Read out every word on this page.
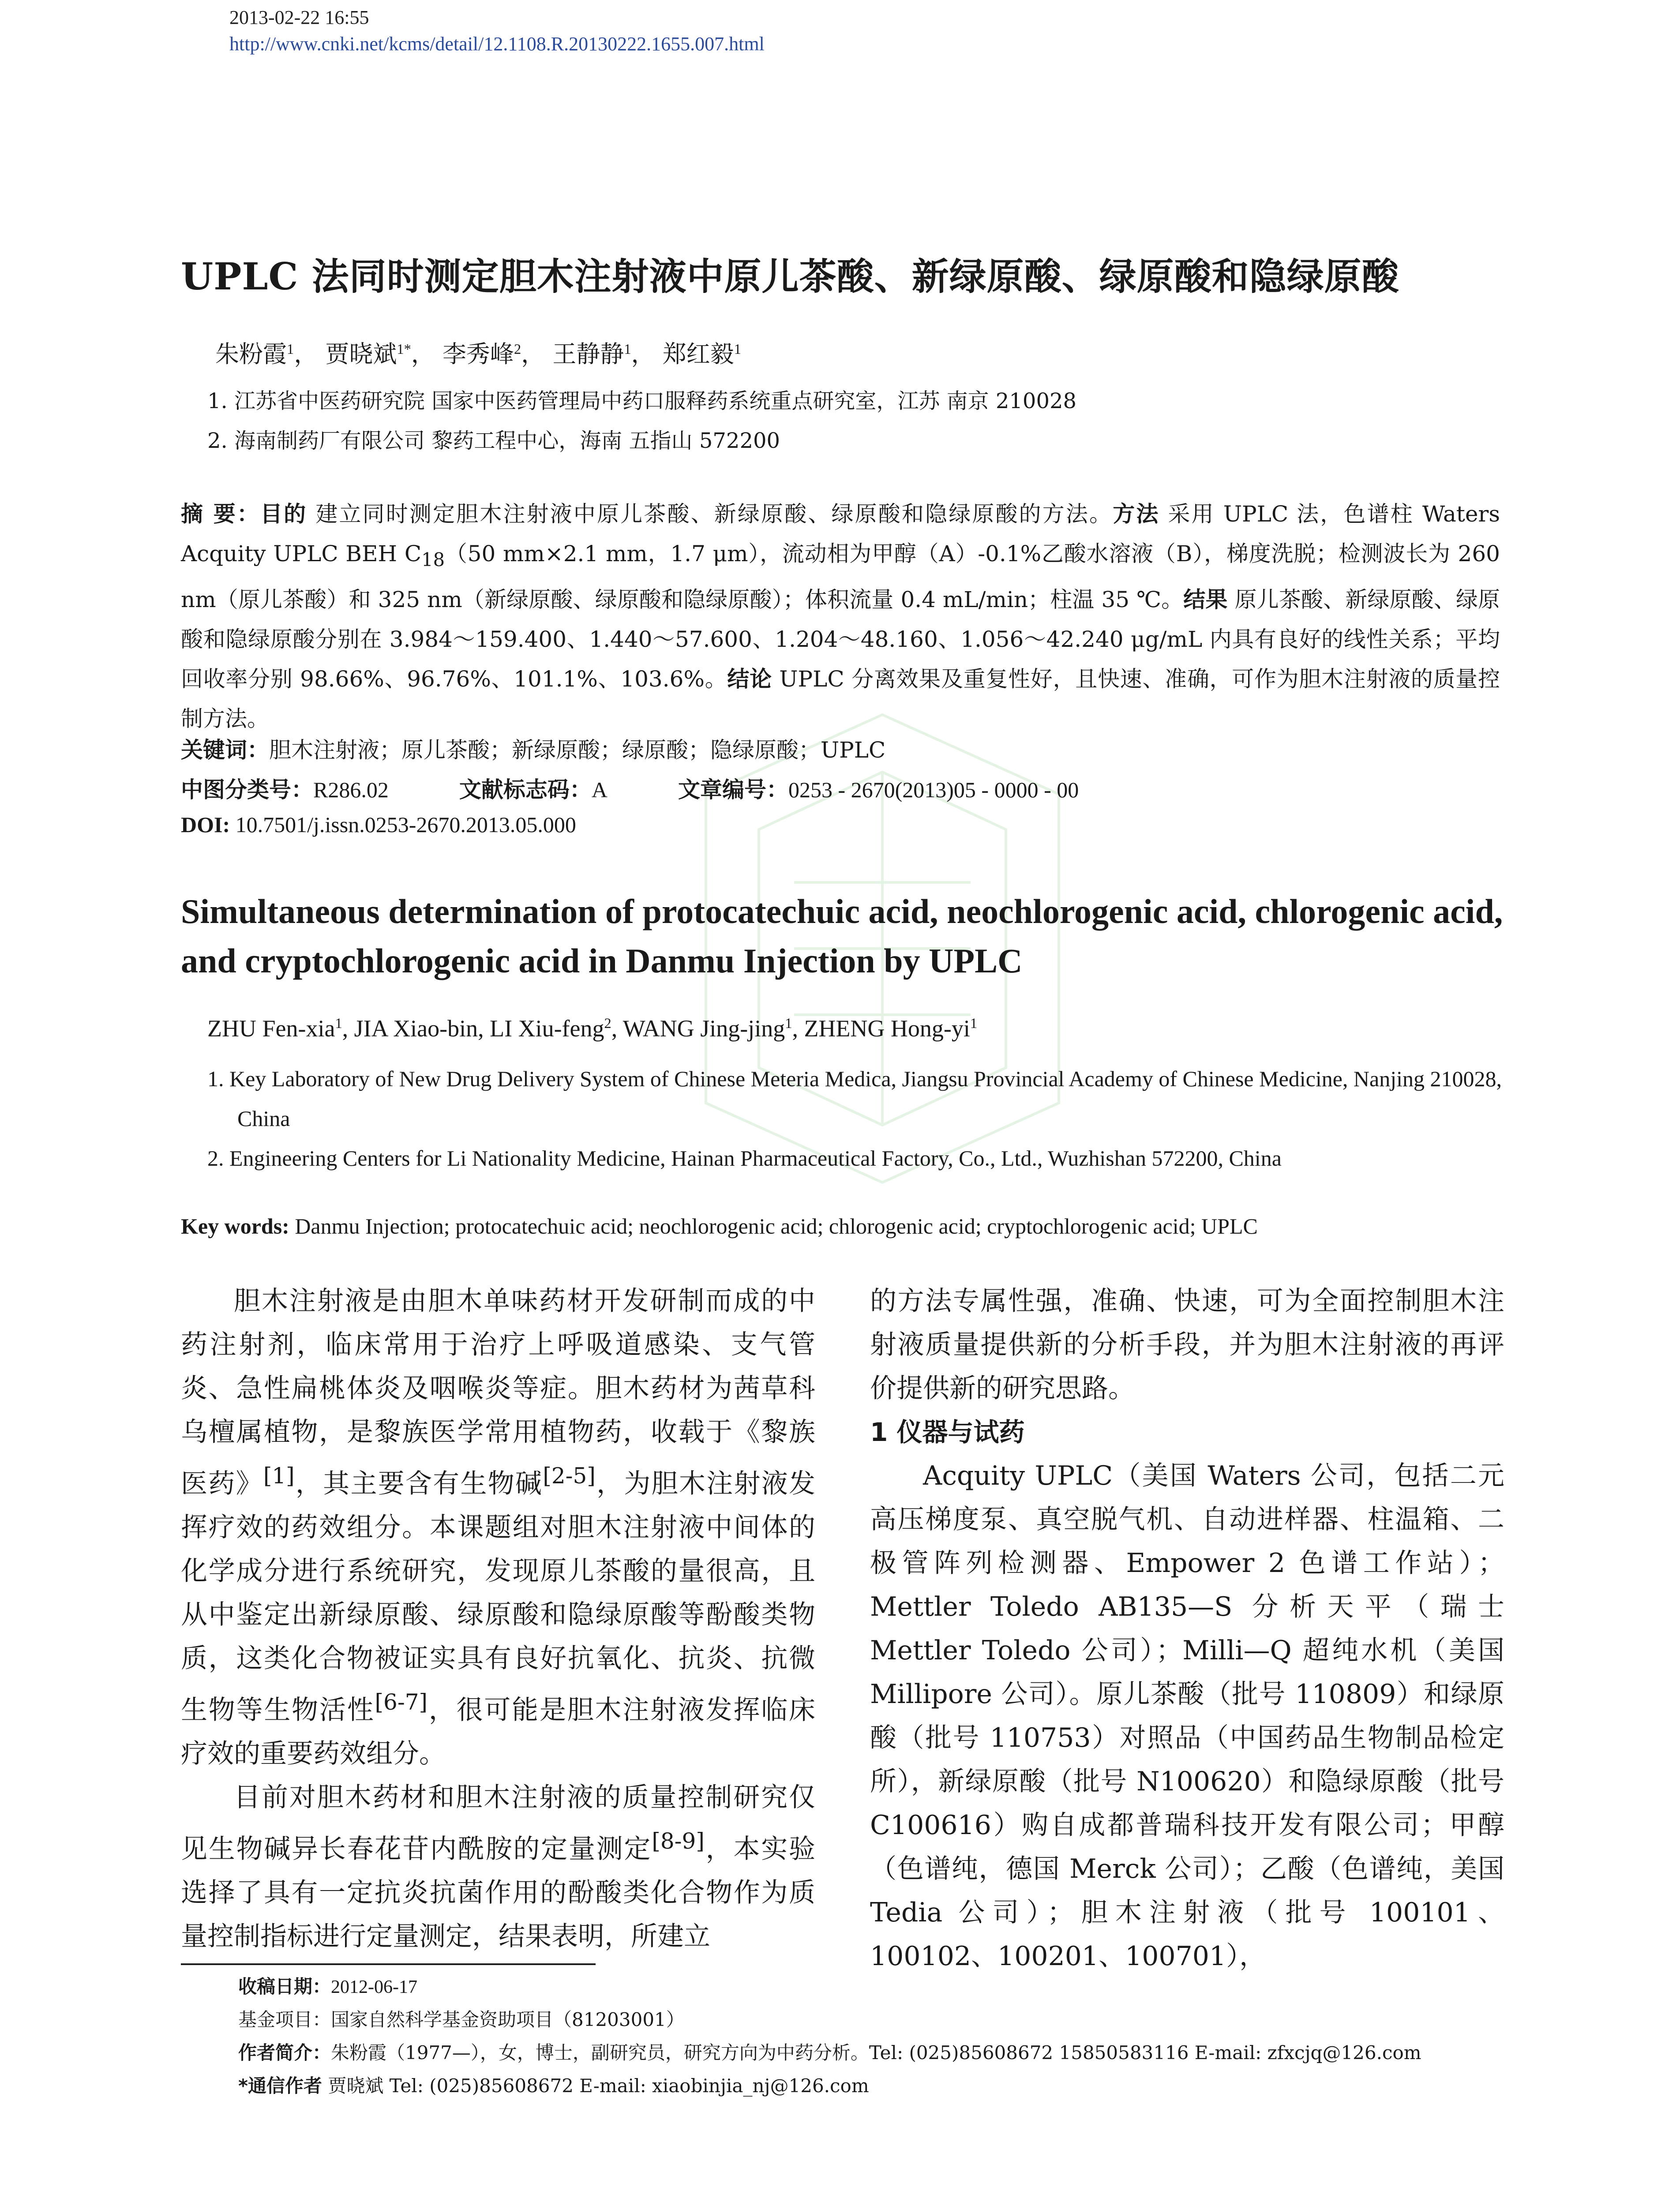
2013-02-22 16:55
http://www.cnki.net/kcms/detail/12.1108.R.20130222.1655.007.html
UPLC 法同时测定胆木注射液中原儿茶酸、新绿原酸、绿原酸和隐绿原酸
朱粉霞$^1$， 贾晓斌$^{1*}$， 李秀峰$^2$， 王静静$^1$， 郑红毅$^1$
1. 江苏省中医药研究院 国家中医药管理局中药口服释药系统重点研究室，江苏 南京 210028
2. 海南制药厂有限公司 黎药工程中心，海南 五指山 572200
摘 要：目的 建立同时测定胆木注射液中原儿茶酸、新绿原酸、绿原酸和隐绿原酸的方法。方法 采用 UPLC 法，色谱柱 Waters Acquity UPLC BEH $C_{18}(50$ mm×2.1 mm，1.7 μm），流动相为甲醇（A）-0.1%乙酸水溶液（B），梯度洗脱；检测波长为 260 nm（原儿茶酸）和 325 nm（新绿原酸、绿原酸和隐绿原酸）；体积流量 0.4 mL/min；柱温 35 ℃。结果 原儿茶酸、新绿原酸、绿原酸和隐绿原酸分别在 3.984～159.400、1.440～57.600、1.204～48.160、1.056～42.240 μg/mL 内具有良好的线性关系；平均回收率分别 98.66%、96.76%、101.1%、103.6%。结论 UPLC 分离效果及重复性好，且快速、准确，可作为胆木注射液的质量控制方法。
关键词：胆木注射液；原儿茶酸；新绿原酸；绿原酸；隐绿原酸；UPLC
中图分类号：R286.02	文献标志码：A	文章编号：0253 - 2670(2013)05 - 0000 - 00
DOI: 10.7501/j.issn.0253-2670.2013.05.000
Simultaneous determination of protocatechuic acid, neochlorogenic acid, chlorogenic acid, and cryptochlorogenic acid in Danmu Injection by UPLC
ZHU Fen-xia$^1$, JIA Xiao-bin, LI Xiu-feng$^2$, WANG Jing-jing$^1$, ZHENG Hong-$yi^1$
1. Key Laboratory of New Drug Delivery System of Chinese Meteria Medica, Jiangsu Provincial Academy of Chinese Medicine, Nanjing 210028, China
2. Engineering Centers for Li Nationality Medicine, Hainan Pharmaceutical Factory, Co., Ltd., Wuzhishan 572200, China
Key words: Danmu Injection; protocatechuic acid; neochlorogenic acid; chlorogenic acid; cryptochlorogenic acid; UPLC

胆木注射液是由胆木单味药材开发研制而成的中药注射剂，临床常用于治疗上呼吸道感染、支气管炎、急性扁桃体炎及咽喉炎等症。胆木药材为茜草科乌檀属植物，是黎族医学常用植物药，收载于《黎族医药》[1]，其主要含有生物碱[2-5]，为胆木注射液发挥疗效的药效组分。本课题组对胆木注射液中间体的化学成分进行系统研究，发现原儿茶酸的量很高，且从中鉴定出新绿原酸、绿原酸和隐绿原酸等酚酸类物质，这类化合物被证实具有良好抗氧化、抗炎、抗微生物等生物活性[6-7]，很可能是胆木注射液发挥临床疗效的重要药效组分。

目前对胆木药材和胆木注射液的质量控制研究仅见生物碱异长春花苷内酰胺的定量测定[8-9]，本实验选择了具有一定抗炎抗菌作用的酚酸类化合物作为质量控制指标进行定量测定，结果表明，所建立

的方法专属性强，准确、快速，可为全面控制胆木注射液质量提供新的分析手段，并为胆木注射液的再评价提供新的研究思路。

1 仪器与试药

Acquity UPLC（美国 Waters 公司，包括二元高压梯度泵、真空脱气机、自动进样器、柱温箱、二极管阵列检测器、Empower 2 色谱工作站）；Mettler Toledo AB135—S 分析天平（瑞士 Mettler Toledo 公司）；Milli—Q 超纯水机（美国 Millipore 公司）。原儿茶酸（批号 110809）和绿原酸（批号 110753）对照品（中国药品生物制品检定所），新绿原酸（批号 N100620）和隐绿原酸（批号 C100616）购自成都普瑞科技开发有限公司；甲醇（色谱纯，德国 Merck 公司）；乙酸（色谱纯，美国 Tedia 公司）；胆木注射液（批号 100101、100102、100201、100701），

收稿日期：2012-06-17
基金项目：国家自然科学基金资助项目（81203001）
作者简介：朱粉霞（1977—），女，博士，副研究员，研究方向为中药分析。Tel: (025)85608672 15850583116 E-mail: zfxcjq@126.com
*通信作者 贾晓斌 Tel: (025)85608672 E-mail: xiaobinjia_nj@126.com
